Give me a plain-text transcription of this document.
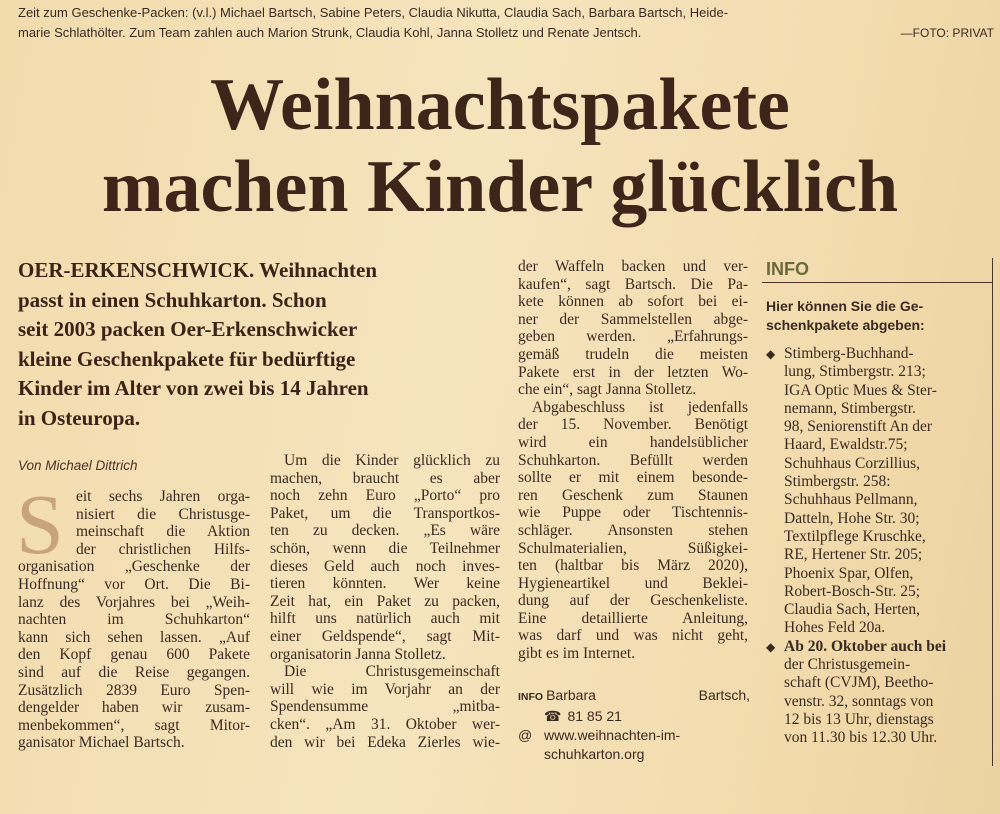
Zeit zum Geschenke-Packen: (v.l.) Michael Bartsch, Sabine Peters, Claudia Nikutta, Claudia Sach, Barbara Bartsch, Heide-
marie Schlathölter. Zum Team zahlen auch Marion Strunk, Claudia Kohl, Janna Stolletz und Renate Jentsch.	—FOTO: PRIVAT
Weihnachtspakete
machen Kinder glücklich
OER-ERKENSCHWICK. Weihnachten
passt in einen Schuhkarton. Schon
seit 2003 packen Oer-Erkenschwicker
kleine Geschenkpakete für bedürftige
Kinder im Alter von zwei bis 14 Jahren
in Osteuropa.
Von Michael Dittrich
S eit sechs Jahren orga-
nisiert die Christusge-
meinschaft die Aktion
der christlichen Hilfs-
organisation „Geschenke der
Hoffnung“ vor Ort. Die Bi-
lanz des Vorjahres bei „Weih-
nachten im Schuhkarton“
kann sich sehen lassen. „Auf
den Kopf genau 600 Pakete
sind auf die Reise gegangen.
Zusätzlich 2839 Euro Spen-
dengelder haben wir zusam-
menbekommen“, sagt Mitor-
ganisator Michael Bartsch.
Um die Kinder glücklich zu
machen, braucht es aber
noch zehn Euro „Porto“ pro
Paket, um die Transportkos-
ten zu decken. „Es wäre
schön, wenn die Teilnehmer
dieses Geld auch noch inves-
tieren könnten. Wer keine
Zeit hat, ein Paket zu packen,
hilft uns natürlich auch mit
einer Geldspende“, sagt Mit-
organisatorin Janna Stolletz.
Die Christusgemeinschaft
will wie im Vorjahr an der
Spendensumme „mitba-
cken“. „Am 31. Oktober wer-
den wir bei Edeka Zierles wie-
der Waffeln backen und ver-
kaufen“, sagt Bartsch. Die Pa-
kete können ab sofort bei ei-
ner der Sammelstellen abge-
geben werden. „Erfahrungs-
gemäß trudeln die meisten
Pakete erst in der letzten Wo-
che ein“, sagt Janna Stolletz.
Abgabeschluss ist jedenfalls
der 15. November. Benötigt
wird ein handelsüblicher
Schuhkarton. Befüllt werden
sollte er mit einem besonde-
ren Geschenk zum Staunen
wie Puppe oder Tischtennis-
schläger. Ansonsten stehen
Schulmaterialien, Süßigkei-
ten (haltbar bis März 2020),
Hygieneartikel und Beklei-
dung auf der Geschenkeliste.
Eine detaillierte Anleitung,
was darf und was nicht geht,
gibt es im Internet.
INFO Barbara	Bartsch,
☎ 81 85 21
@ www.weihnachten-im-
schuhkarton.org
INFO
Hier können Sie die Ge-
schenkpakete abgeben:
◆ Stimberg-Buchhand-
lung, Stimbergstr. 213;
IGA Optic Mues & Ster-
nemann, Stimbergstr.
98, Seniorenstift An der
Haard, Ewaldstr.75;
Schuhhaus Corzillius,
Stimbergstr. 258:
Schuhhaus Pellmann,
Datteln, Hohe Str. 30;
Textilpflege Kruschke,
RE, Hertener Str. 205;
Phoenix Spar, Olfen,
Robert-Bosch-Str. 25;
Claudia Sach, Herten,
Hohes Feld 20a.
◆ Ab 20. Oktober auch bei
der Christusgemein-
schaft (CVJM), Beetho-
venstr. 32, sonntags von
12 bis 13 Uhr, dienstags
von 11.30 bis 12.30 Uhr.
